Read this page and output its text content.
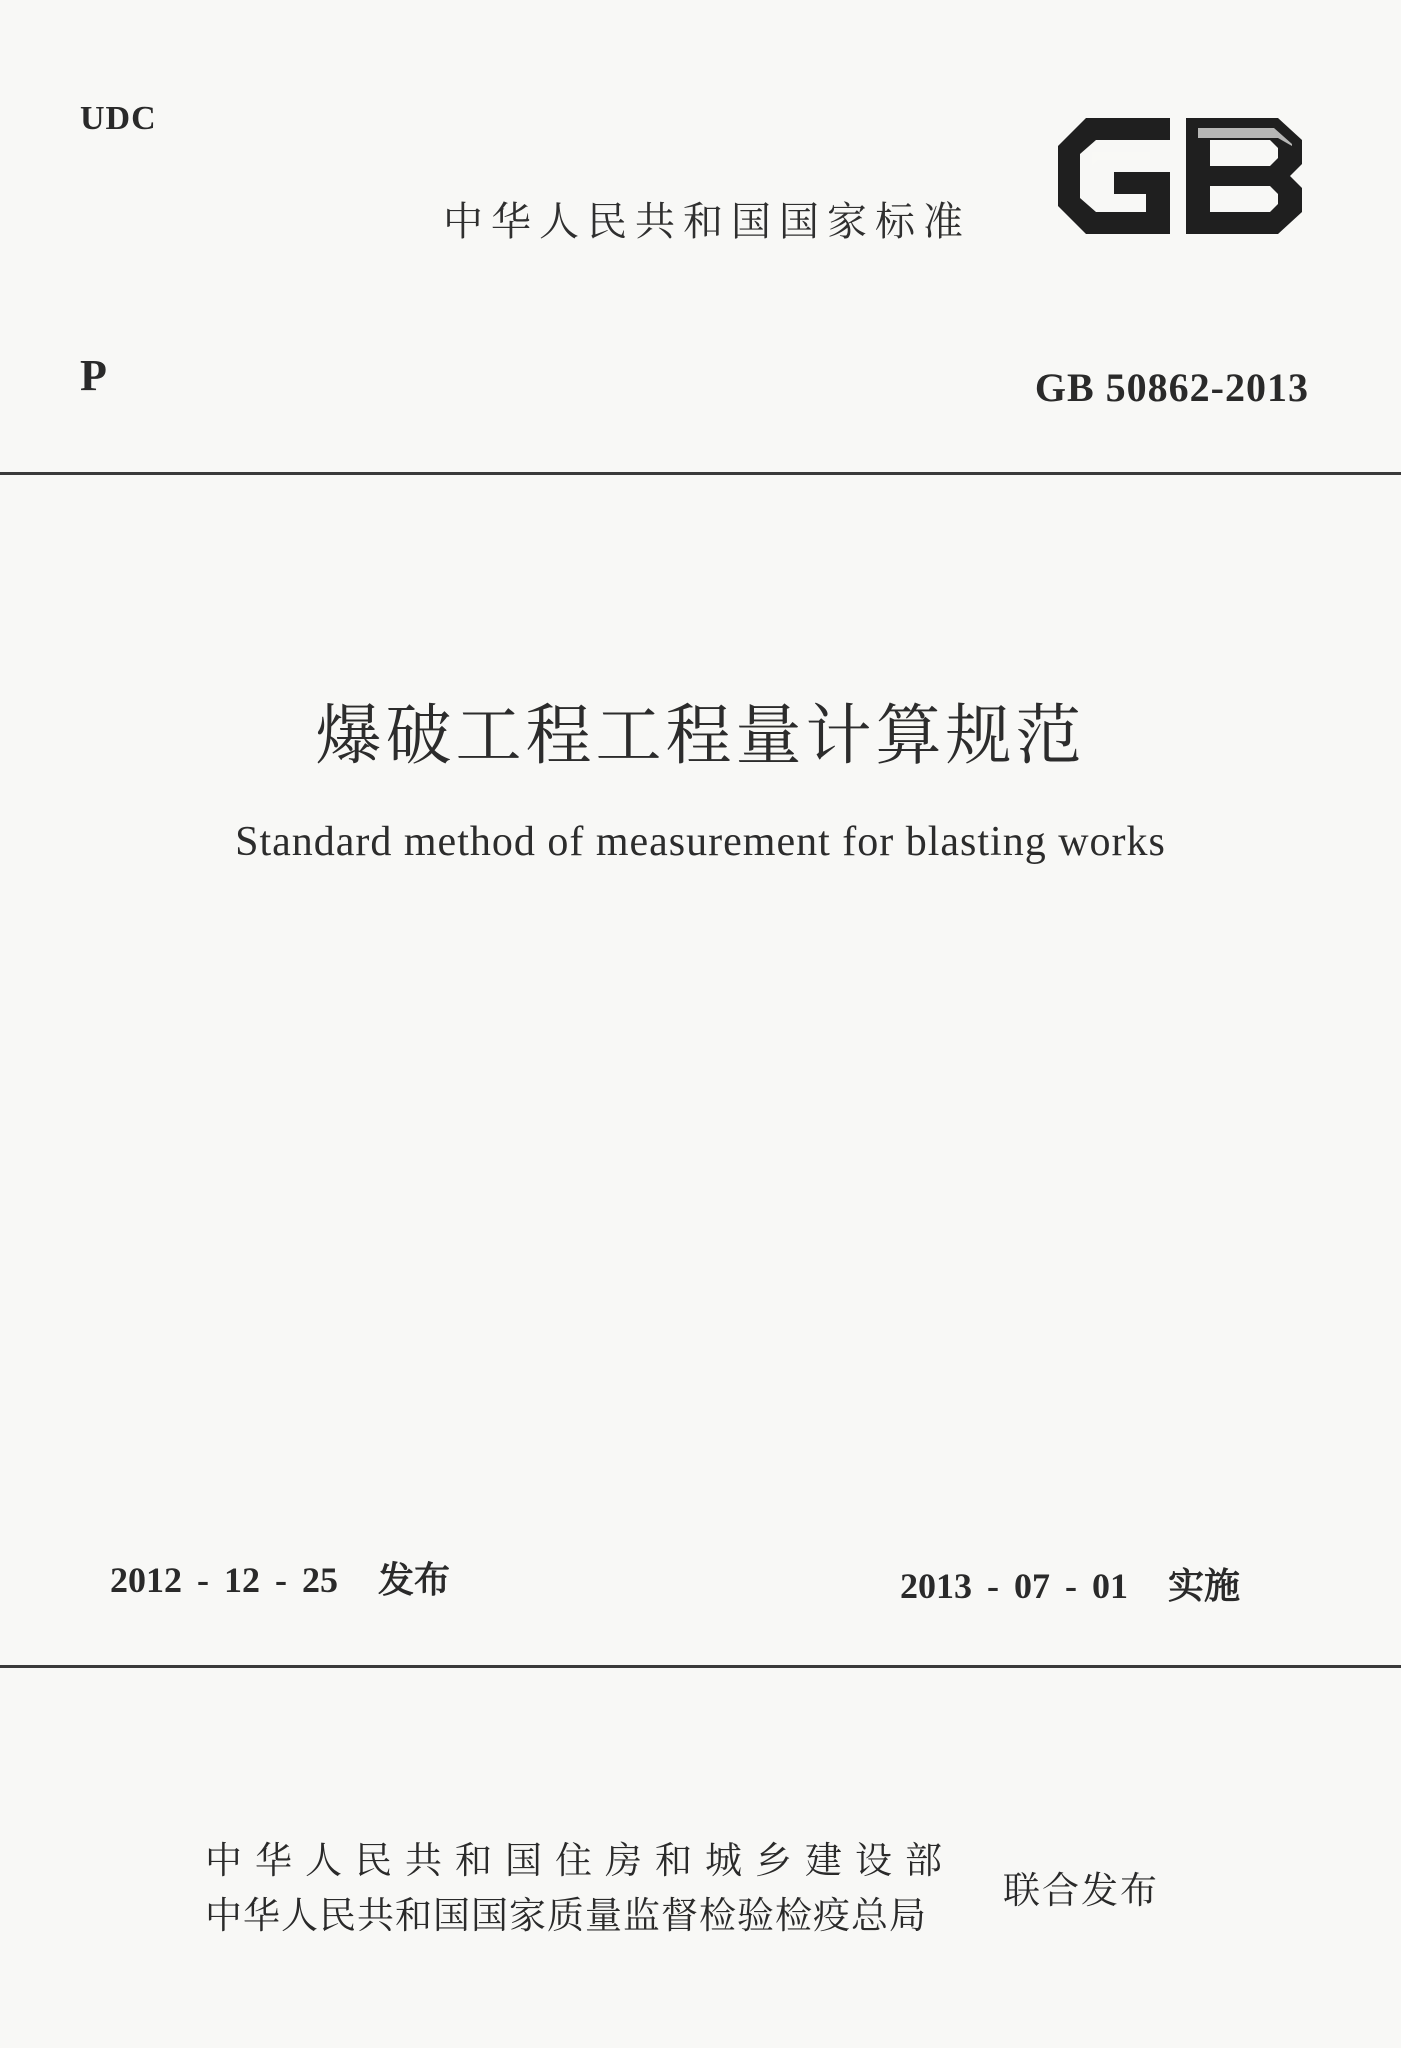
UDC
中华人民共和国国家标准
P	GB 50862-2013
爆破工程工程量计算规范
Standard method of measurement for blasting works
2012 - 12 - 25 发布	2013 - 07 - 01 实施
中华人民共和国住房和城乡建设部
中华人民共和国国家质量监督检验检疫总局
联合发布
